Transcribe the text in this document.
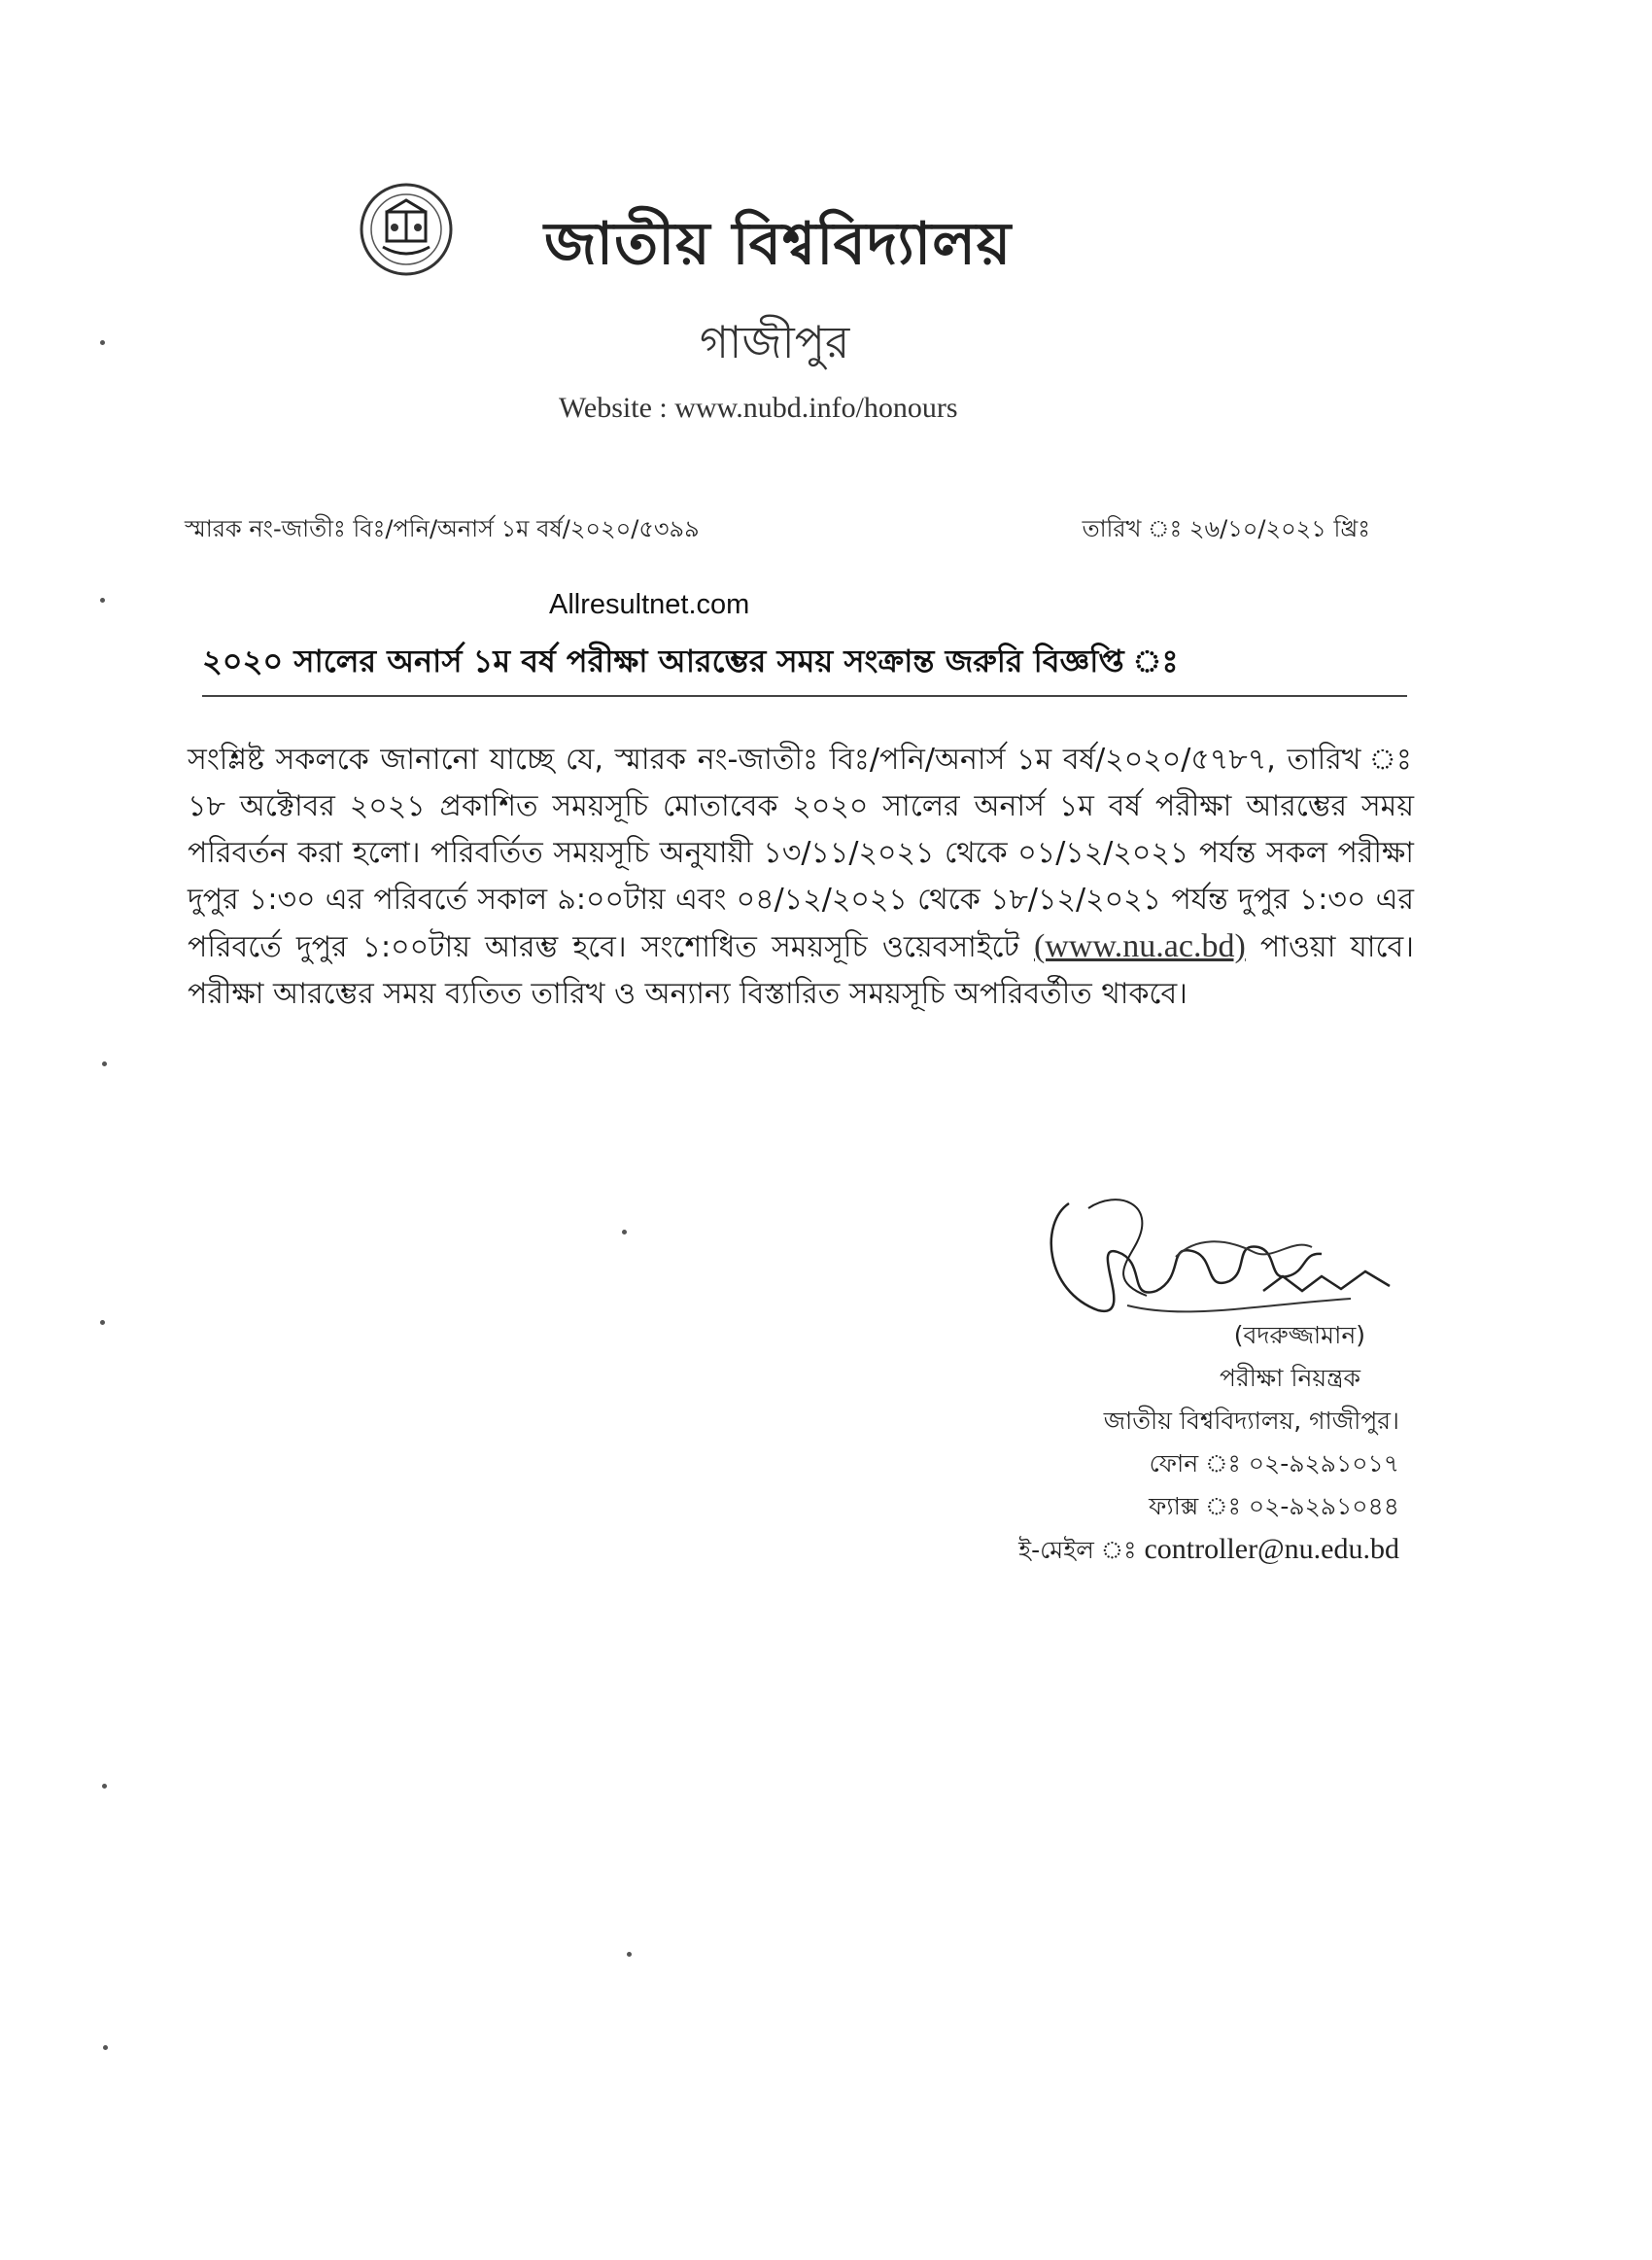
জাতীয় বিশ্ববিদ্যালয়
গাজীপুর
Website : www.nubd.info/honours
স্মারক নং-জাতীঃ বিঃ/পনি/অনার্স ১ম বর্ষ/২০২০/৫৩৯৯	তারিখ ঃ ২৬/১০/২০২১ খ্রিঃ
Allresultnet.com
২০২০ সালের অনার্স ১ম বর্ষ পরীক্ষা আরম্ভের সময় সংক্রান্ত জরুরি বিজ্ঞপ্তি ঃ
সংশ্লিষ্ট সকলকে জানানো যাচ্ছে যে, স্মারক নং-জাতীঃ বিঃ/পনি/অনার্স ১ম বর্ষ/২০২০/৫৭৮৭, তারিখ ঃ ১৮ অক্টোবর ২০২১ প্রকাশিত সময়সূচি মোতাবেক ২০২০ সালের অনার্স ১ম বর্ষ পরীক্ষা আরম্ভের সময় পরিবর্তন করা হলো। পরিবর্তিত সময়সূচি অনুযায়ী ১৩/১১/২০২১ থেকে ০১/১২/২০২১ পর্যন্ত সকল পরীক্ষা দুপুর ১:৩০ এর পরিবর্তে সকাল ৯:০০টায় এবং ০৪/১২/২০২১ থেকে ১৮/১২/২০২১ পর্যন্ত দুপুর ১:৩০ এর পরিবর্তে দুপুর ১:০০টায় আরম্ভ হবে। সংশোধিত সময়সূচি ওয়েবসাইটে (www.nu.ac.bd) পাওয়া যাবে। পরীক্ষা আরম্ভের সময় ব্যতিত তারিখ ও অন্যান্য বিস্তারিত সময়সূচি অপরিবর্তীত থাকবে।
(বদরুজ্জামান)
পরীক্ষা নিয়ন্ত্রক
জাতীয় বিশ্ববিদ্যালয়, গাজীপুর।
ফোন ঃ ০২-৯২৯১০১৭
ফ্যাক্স ঃ ০২-৯২৯১০৪৪
ই-মেইল ঃ controller@nu.edu.bd
